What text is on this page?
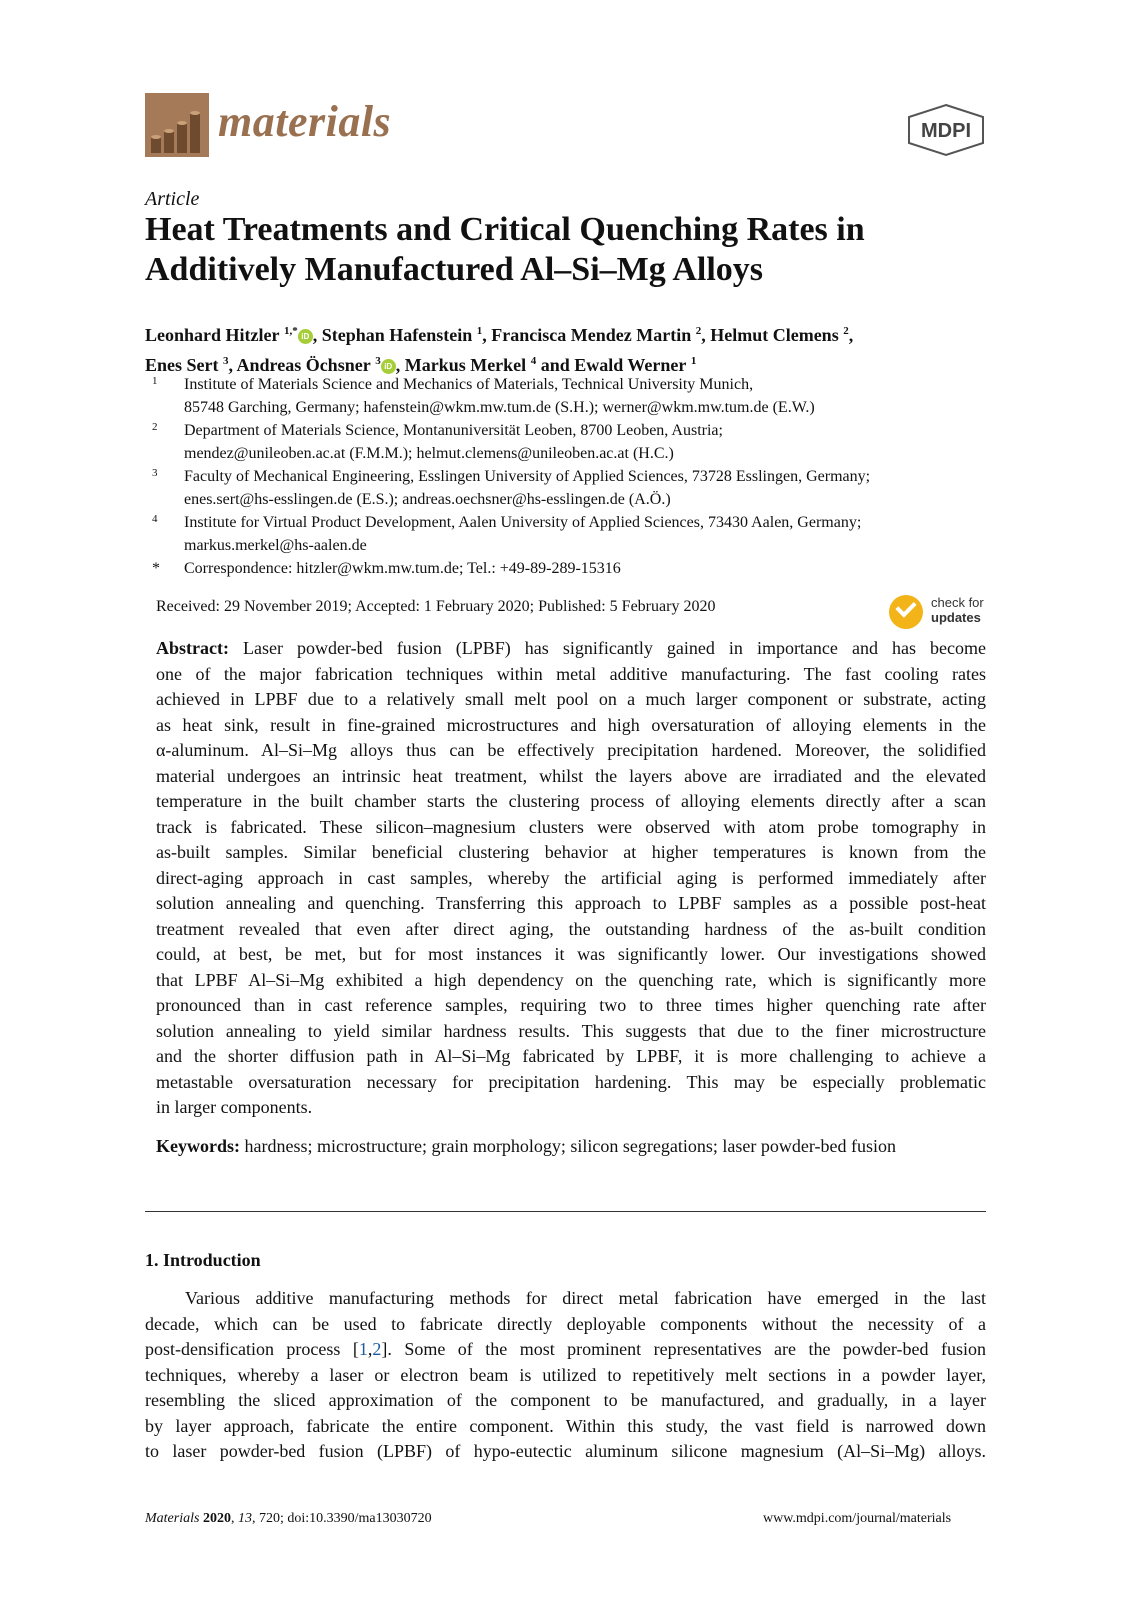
materials	MDPI
Article
Heat Treatments and Critical Quenching Rates in
Additively Manufactured Al–Si–Mg Alloys
Leonhard Hitzler $^{1,*}$ iD , Stephan Hafenstein $^1$, Francisca Mendez Martin $^2$, Helmut Clemens $^2$,
Enes Sert $^3$, Andreas Öchsner $^3$ iD , Markus Merkel $^4$ and Ewald Werner $^1$
1 Institute of Materials Science and Mechanics of Materials, Technical University Munich,
85748 Garching, Germany; hafenstein@wkm.mw.tum.de (S.H.); werner@wkm.mw.tum.de (E.W.)
2 Department of Materials Science, Montanuniversität Leoben, 8700 Leoben, Austria;
mendez@unileoben.ac.at (F.M.M.); helmut.clemens@unileoben.ac.at (H.C.)
3 Faculty of Mechanical Engineering, Esslingen University of Applied Sciences, 73728 Esslingen, Germany;
enes.sert@hs-esslingen.de (E.S.); andreas.oechsner@hs-esslingen.de (A.Ö.)
4 Institute for Virtual Product Development, Aalen University of Applied Sciences, 73430 Aalen, Germany;
markus.merkel@hs-aalen.de
* Correspondence: hitzler@wkm.mw.tum.de; Tel.: +49-89-289-15316
Received: 29 November 2019; Accepted: 1 February 2020; Published: 5 February 2020	check for
updates
Abstract: Laser powder-bed fusion (LPBF) has significantly gained in importance and has become
one of the major fabrication techniques within metal additive manufacturing. The fast cooling rates
achieved in LPBF due to a relatively small melt pool on a much larger component or substrate, acting
as heat sink, result in fine-grained microstructures and high oversaturation of alloying elements in the
α-aluminum. Al–Si–Mg alloys thus can be effectively precipitation hardened. Moreover, the solidified
material undergoes an intrinsic heat treatment, whilst the layers above are irradiated and the elevated
temperature in the built chamber starts the clustering process of alloying elements directly after a scan
track is fabricated. These silicon–magnesium clusters were observed with atom probe tomography in
as-built samples. Similar beneficial clustering behavior at higher temperatures is known from the
direct-aging approach in cast samples, whereby the artificial aging is performed immediately after
solution annealing and quenching. Transferring this approach to LPBF samples as a possible post-heat
treatment revealed that even after direct aging, the outstanding hardness of the as-built condition
could, at best, be met, but for most instances it was significantly lower. Our investigations showed
that LPBF Al–Si–Mg exhibited a high dependency on the quenching rate, which is significantly more
pronounced than in cast reference samples, requiring two to three times higher quenching rate after
solution annealing to yield similar hardness results. This suggests that due to the finer microstructure
and the shorter diffusion path in Al–Si–Mg fabricated by LPBF, it is more challenging to achieve a
metastable oversaturation necessary for precipitation hardening. This may be especially problematic
in larger components.
Keywords: hardness; microstructure; grain morphology; silicon segregations; laser powder-bed fusion
1. Introduction
Various additive manufacturing methods for direct metal fabrication have emerged in the last
decade, which can be used to fabricate directly deployable components without the necessity of a
post-densification process [1,2]. Some of the most prominent representatives are the powder-bed fusion
techniques, whereby a laser or electron beam is utilized to repetitively melt sections in a powder layer,
resembling the sliced approximation of the component to be manufactured, and gradually, in a layer
by layer approach, fabricate the entire component. Within this study, the vast field is narrowed down
to laser powder-bed fusion (LPBF) of hypo-eutectic aluminum silicone magnesium (Al–Si–Mg) alloys.
Materials 2020, 13, 720; doi:10.3390/ma13030720	www.mdpi.com/journal/materials
